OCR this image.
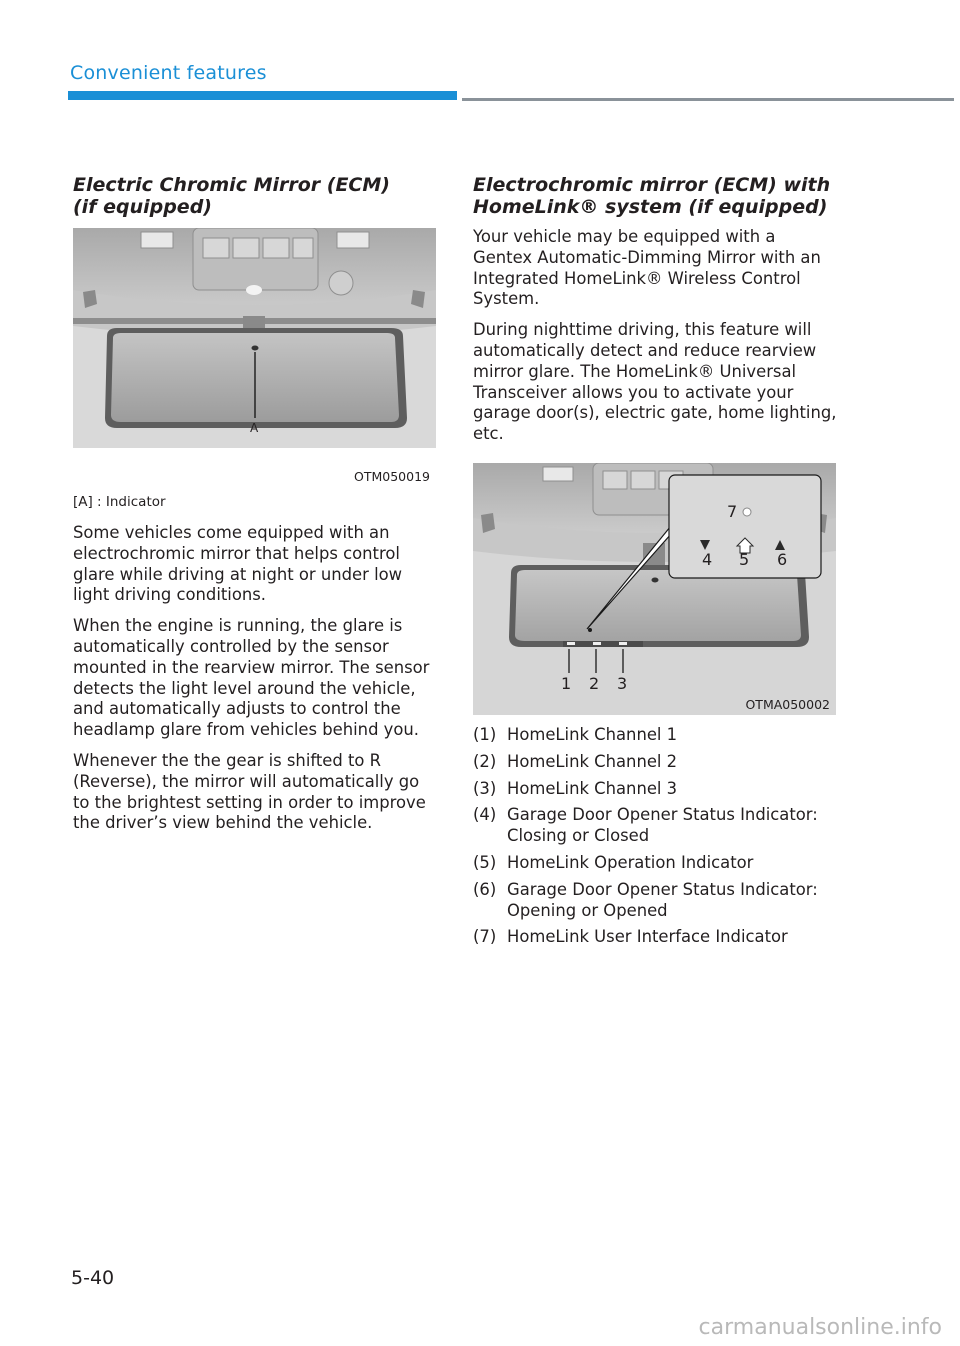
Convenient features
Electric Chromic Mirror (ECM)
(if equipped)
A
OTM050019
[A] : Indicator

Some vehicles come equipped with an electrochromic mirror that helps control glare while driving at night or under low light driving conditions.

When the engine is running, the glare is automatically controlled by the sensor mounted in the rearview mirror. The sensor detects the light level around the vehicle, and automatically adjusts to control the headlamp glare from vehicles behind you.

Whenever the the gear is shifted to R (Reverse), the mirror will automatically go to the brightest setting in order to improve the driver’s view behind the vehicle.

Electrochromic mirror (ECM) with
HomeLink® system (if equipped)

Your vehicle may be equipped with a Gentex Automatic-Dimming Mirror with an Integrated HomeLink® Wireless Control System.

During nighttime driving, this feature will automatically detect and reduce rearview mirror glare. The HomeLink® Universal Transceiver allows you to activate your garage door(s), electric gate, home lighting, etc.

7
4 5 6
1 2 3
OTMA050002
(1) HomeLink Channel 1
(2) HomeLink Channel 2
(3) HomeLink Channel 3
(4) Garage Door Opener Status Indicator: Closing or Closed
(5) HomeLink Operation Indicator
(6) Garage Door Opener Status Indicator: Opening or Opened
(7) HomeLink User Interface Indicator
5-40
carmanualsonline.info
